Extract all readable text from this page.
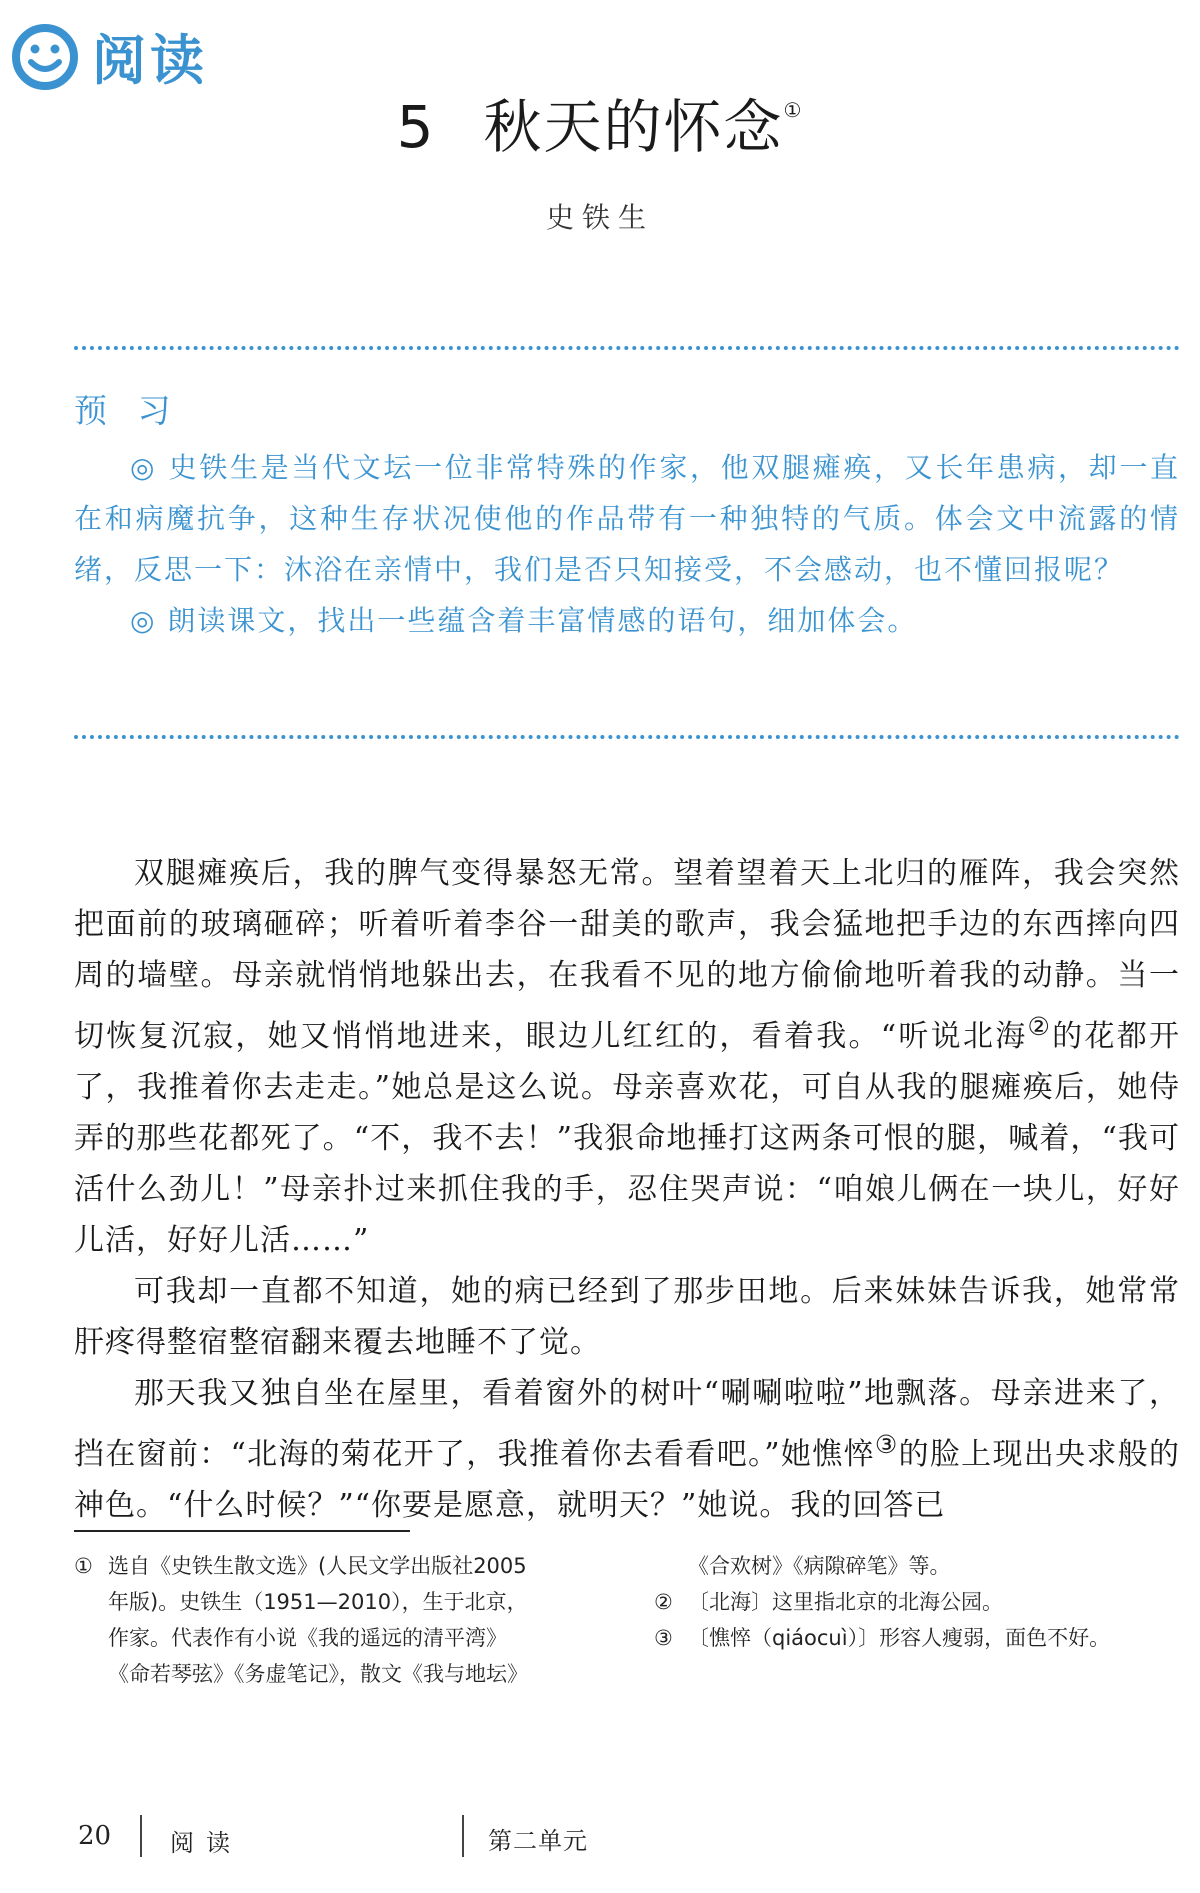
阅读
5 秋天的怀念①
史铁生
预 习

◎ 史铁生是当代文坛一位非常特殊的作家，他双腿瘫痪，又长年患病，却一直在和病魔抗争，这种生存状况使他的作品带有一种独特的气质。体会文中流露的情绪，反思一下：沐浴在亲情中，我们是否只知接受，不会感动，也不懂回报呢？

◎ 朗读课文，找出一些蕴含着丰富情感的语句，细加体会。

双腿瘫痪后，我的脾气变得暴怒无常。望着望着天上北归的雁阵，我会突然把面前的玻璃砸碎；听着听着李谷一甜美的歌声，我会猛地把手边的东西摔向四周的墙壁。母亲就悄悄地躲出去，在我看不见的地方偷偷地听着我的动静。当一切恢复沉寂，她又悄悄地进来，眼边儿红红的，看着我。“听说北海②的花都开了，我推着你去走走。”她总是这么说。母亲喜欢花，可自从我的腿瘫痪后，她侍弄的那些花都死了。“不，我不去！”我狠命地捶打这两条可恨的腿，喊着，“我可活什么劲儿！”母亲扑过来抓住我的手，忍住哭声说：“咱娘儿俩在一块儿，好好儿活，好好儿活……”

可我却一直都不知道，她的病已经到了那步田地。后来妹妹告诉我，她常常肝疼得整宿整宿翻来覆去地睡不了觉。

那天我又独自坐在屋里，看着窗外的树叶“唰唰啦啦”地飘落。母亲进来了，挡在窗前：“北海的菊花开了，我推着你去看看吧。”她憔悴③的脸上现出央求般的神色。“什么时候？”“你要是愿意，就明天？”她说。我的回答已

① 选自《史铁生散文选》(人民文学出版社2005
年版)。史铁生（1951—2010），生于北京，
作家。代表作有小说《我的遥远的清平湾》
《命若琴弦》《务虚笔记》，散文《我与地坛》
《合欢树》《病隙碎笔》等。
② 〔北海〕这里指北京的北海公园。
③ 〔憔悴（qiáocuì）〕形容人瘦弱，面色不好。
20 阅读	第二单元
